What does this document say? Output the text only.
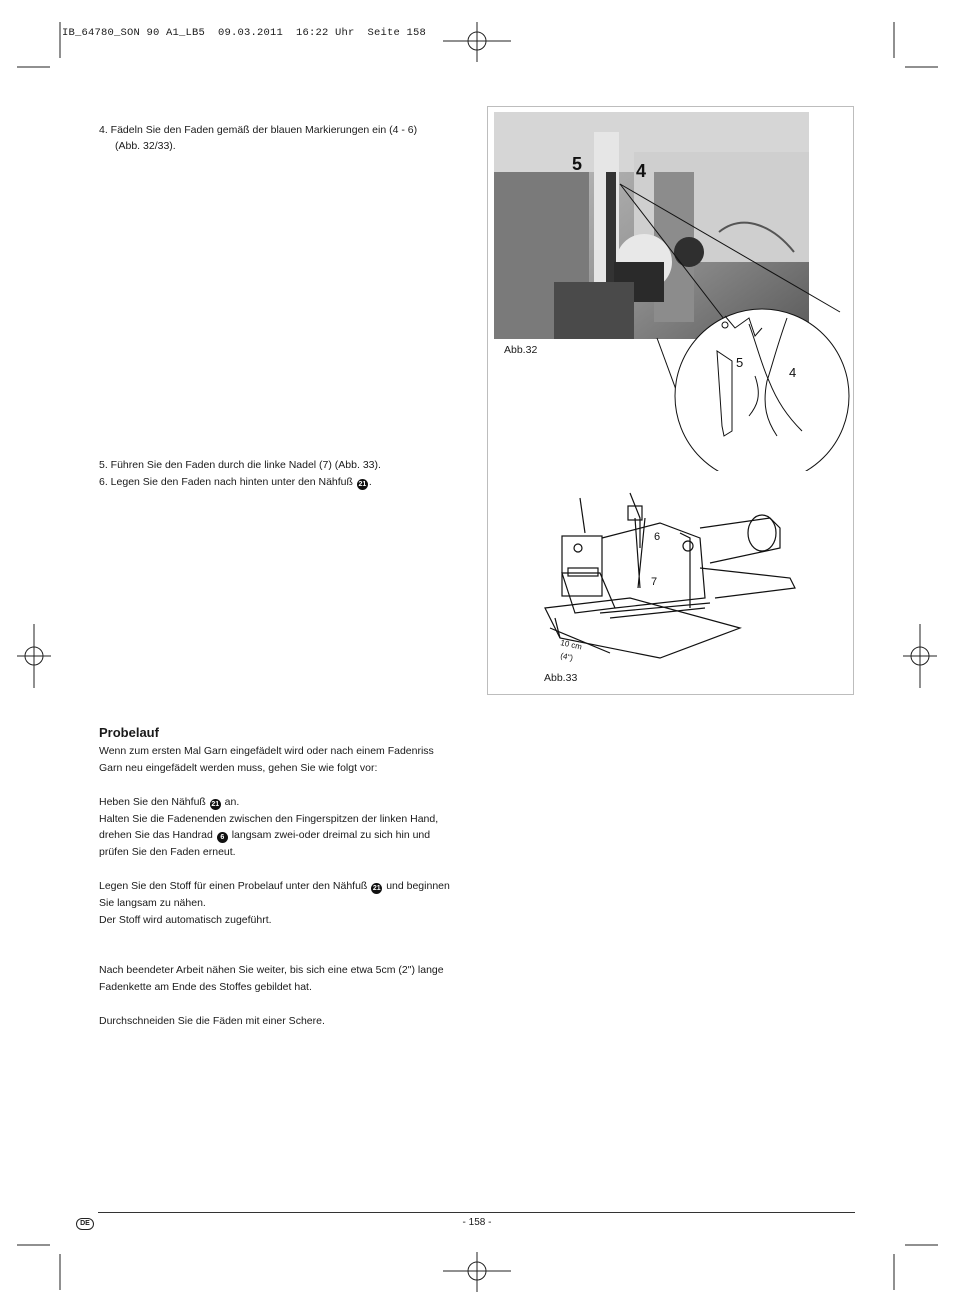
IB_64780_SON 90 A1_LB5  09.03.2011  16:22 Uhr  Seite 158
4. Fädeln Sie den Faden gemäß der blauen Markierungen ein (4 - 6)
(Abb. 32/33).
5. Führen Sie den Faden durch die linke Nadel (7) (Abb. 33).
6. Legen Sie den Faden nach hinten unter den Nähfuß 21 .
5	4
Abb.32
5
4
6
7
10 cm
(4")
Abb.33
Probelauf
Wenn zum ersten Mal Garn eingefädelt wird oder nach einem Fadenriss
Garn neu eingefädelt werden muss, gehen Sie wie folgt vor:
Heben Sie den Nähfuß 21 an.
Halten Sie die Fadenenden zwischen den Fingerspitzen der linken Hand,
drehen Sie das Handrad 6 langsam zwei-oder dreimal zu sich hin und
prüfen Sie den Faden erneut.
Legen Sie den Stoff für einen Probelauf unter den Nähfuß 21 und beginnen
Sie langsam zu nähen.
Der Stoff wird automatisch zugeführt.
Nach beendeter Arbeit nähen Sie weiter, bis sich eine etwa 5cm (2") lange
Fadenkette am Ende des Stoffes gebildet hat.
Durchschneiden Sie die Fäden mit einer Schere.
DE	- 158 -
